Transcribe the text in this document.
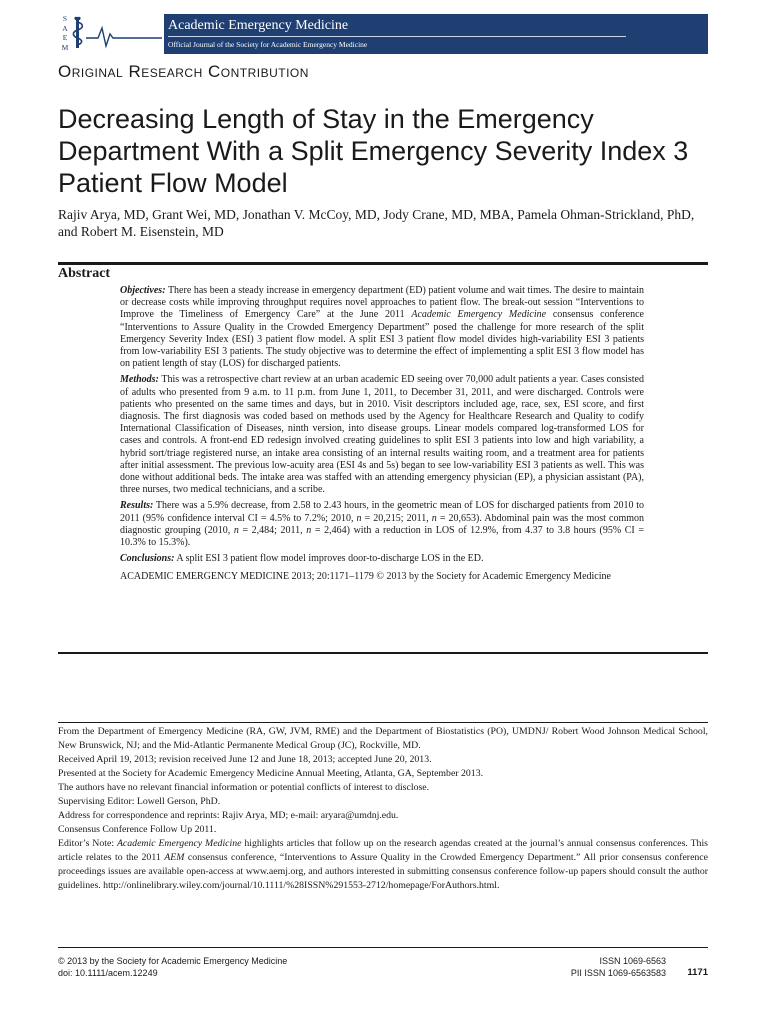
S
A
E
M
Academic Emergency Medicine
Official Journal of the Society for Academic Emergency Medicine
Original Research Contribution
Decreasing Length of Stay in the Emergency Department With a Split Emergency Severity Index 3 Patient Flow Model

Rajiv Arya, MD, Grant Wei, MD, Jonathan V. McCoy, MD, Jody Crane, MD, MBA, Pamela Ohman-Strickland, PhD, and Robert M. Eisenstein, MD

Abstract

Objectives: There has been a steady increase in emergency department (ED) patient volume and wait times. The desire to maintain or decrease costs while improving throughput requires novel approaches to patient flow. The break-out session “Interventions to Improve the Timeliness of Emergency Care” at the June 2011 Academic Emergency Medicine consensus conference “Interventions to Assure Quality in the Crowded Emergency Department” posed the challenge for more research of the split Emergency Severity Index (ESI) 3 patient flow model. A split ESI 3 patient flow model divides high-variability ESI 3 patients from low-variability ESI 3 patients. The study objective was to determine the effect of implementing a split ESI 3 flow model has on patient length of stay (LOS) for discharged patients.

Methods: This was a retrospective chart review at an urban academic ED seeing over 70,000 adult patients a year. Cases consisted of adults who presented from 9 a.m. to 11 p.m. from June 1, 2011, to December 31, 2011, and were discharged. Controls were patients who presented on the same times and days, but in 2010. Visit descriptors included age, race, sex, ESI score, and first diagnosis. The first diagnosis was coded based on methods used by the Agency for Healthcare Research and Quality to codify International Classification of Diseases, ninth version, into disease groups. Linear models compared log-transformed LOS for cases and controls. A front-end ED redesign involved creating guidelines to split ESI 3 patients into low and high variability, a hybrid sort/triage registered nurse, an intake area consisting of an internal results waiting room, and a treatment area for patients after initial assessment. The previous low-acuity area (ESI 4s and 5s) began to see low-variability ESI 3 patients as well. This was done without additional beds. The intake area was staffed with an attending emergency physician (EP), a physician assistant (PA), three nurses, two medical technicians, and a scribe.

Results: There was a 5.9% decrease, from 2.58 to 2.43 hours, in the geometric mean of LOS for discharged patients from 2010 to 2011 (95% confidence interval CI = 4.5% to 7.2%; 2010, n = 20,215; 2011, n = 20,653). Abdominal pain was the most common diagnostic grouping (2010, n = 2,484; 2011, n = 2,464) with a reduction in LOS of 12.9%, from 4.37 to 3.8 hours (95% CI = 10.3% to 15.3%).

Conclusions: A split ESI 3 patient flow model improves door-to-discharge LOS in the ED.

ACADEMIC EMERGENCY MEDICINE 2013; 20:1171–1179 © 2013 by the Society for Academic Emergency Medicine

From the Department of Emergency Medicine (RA, GW, JVM, RME) and the Department of Biostatistics (PO), UMDNJ/ Robert Wood Johnson Medical School, New Brunswick, NJ; and the Mid-Atlantic Permanente Medical Group (JC), Rockville, MD.

Received April 19, 2013; revision received June 12 and June 18, 2013; accepted June 20, 2013.

Presented at the Society for Academic Emergency Medicine Annual Meeting, Atlanta, GA, September 2013.

The authors have no relevant financial information or potential conflicts of interest to disclose.

Supervising Editor: Lowell Gerson, PhD.

Address for correspondence and reprints: Rajiv Arya, MD; e-mail: aryara@umdnj.edu.

Consensus Conference Follow Up 2011.

Editor’s Note: Academic Emergency Medicine highlights articles that follow up on the research agendas created at the journal’s annual consensus conferences. This article relates to the 2011 AEM consensus conference, “Interventions to Assure Quality in the Crowded Emergency Department.” All prior consensus conference proceedings issues are available open-access at www.aemj.org, and authors interested in submitting consensus conference follow-up papers should consult the author guidelines. http://onlinelibrary.wiley.com/journal/10.1111/%28ISSN%291553-2712/homepage/ForAuthors.html.

© 2013 by the Society for Academic Emergency Medicine
doi: 10.1111/acem.12249
ISSN 1069-6563
PII ISSN 1069-6563583 1171
